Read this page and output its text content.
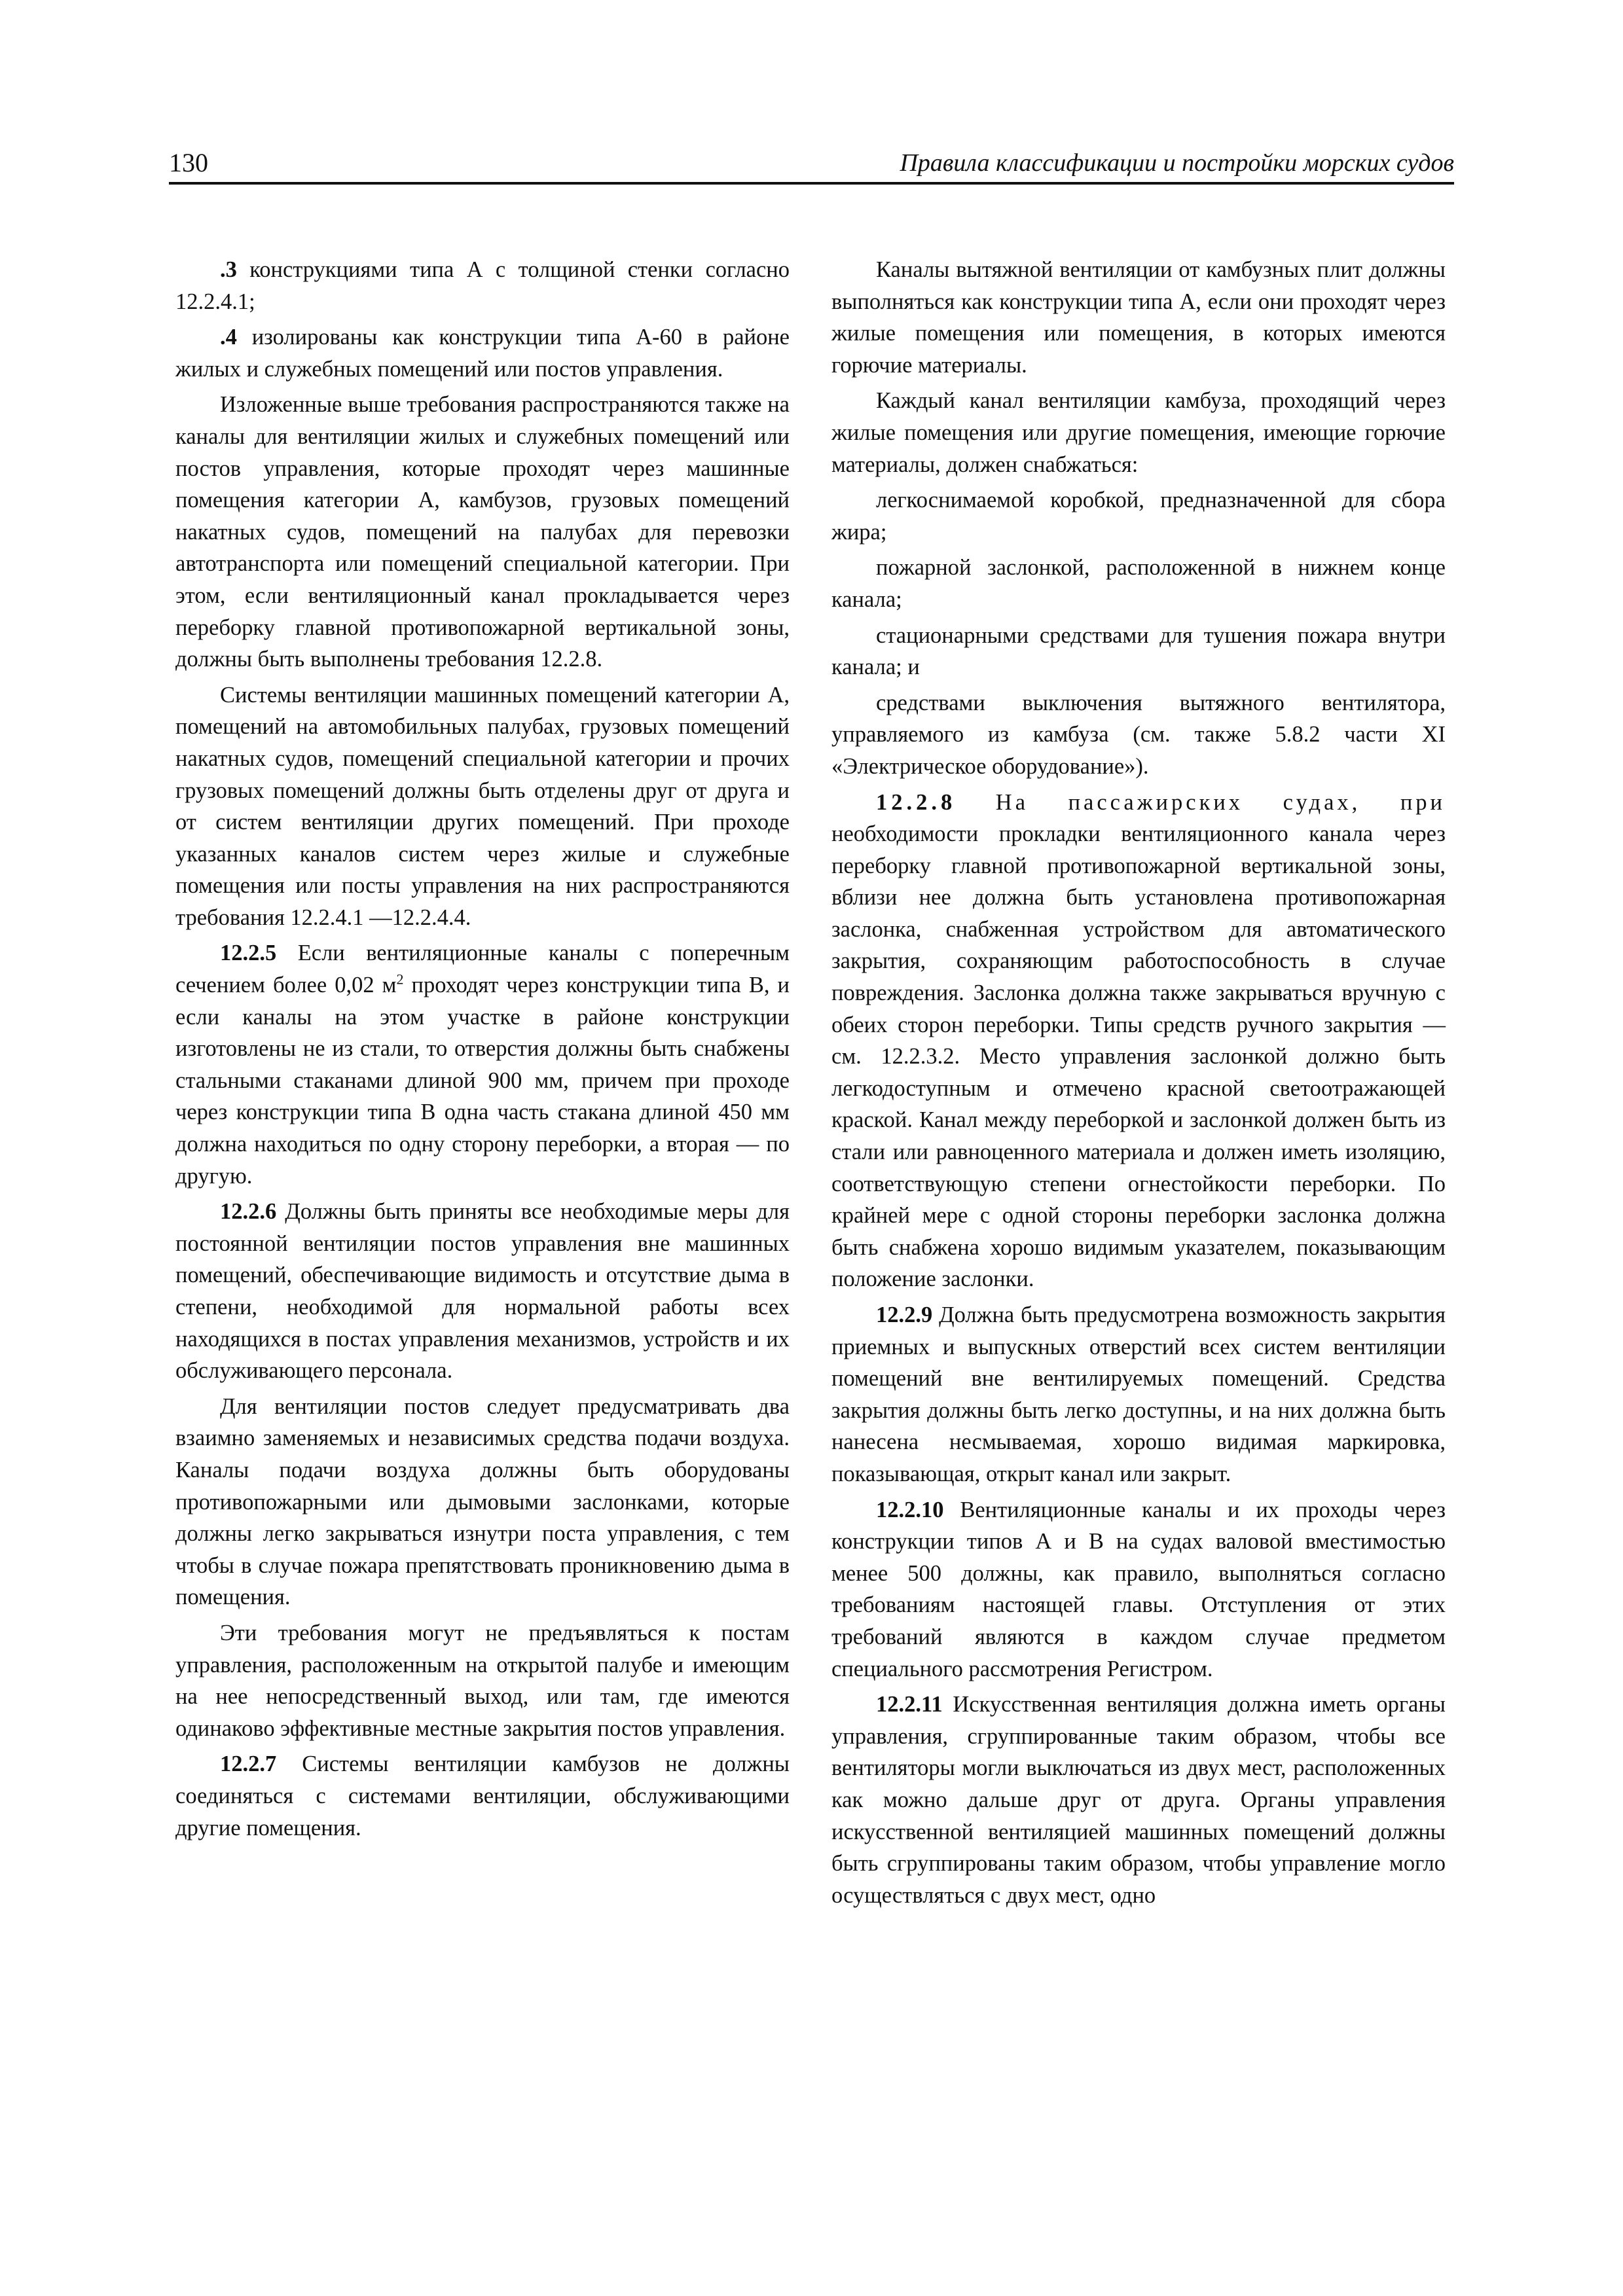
130	Правила классификации и постройки морских судов

.3 конструкциями типа А с толщиной стенки согласно 12.2.4.1;

.4 изолированы как конструкции типа А-60 в районе жилых и служебных помещений или постов управления.

Изложенные выше требования распространяются также на каналы для вентиляции жилых и служебных помещений или постов управления, которые проходят через машинные помещения категории А, камбузов, грузовых помещений накатных судов, помещений на палубах для перевозки автотранспорта или помещений специальной категории. При этом, если вентиляционный канал прокладывается через переборку главной противопожарной вертикальной зоны, должны быть выполнены требования 12.2.8.

Системы вентиляции машинных помещений категории А, помещений на автомобильных палубах, грузовых помещений накатных судов, помещений специальной категории и прочих грузовых помещений должны быть отделены друг от друга и от систем вентиляции других помещений. При проходе указанных каналов систем через жилые и служебные помещения или посты управления на них распространяются требования 12.2.4.1 —12.2.4.4.

12.2.5 Если вентиляционные каналы с поперечным сечением более 0,02 $м^2$ проходят через конструкции типа В, и если каналы на этом участке в районе конструкции изготовлены не из стали, то отверстия должны быть снабжены стальными стаканами длиной 900 мм, причем при проходе через конструкции типа В одна часть стакана длиной 450 мм должна находиться по одну сторону переборки, а вторая — по другую.

12.2.6 Должны быть приняты все необходимые меры для постоянной вентиляции постов управления вне машинных помещений, обеспечивающие видимость и отсутствие дыма в степени, необходимой для нормальной работы всех находящихся в постах управления механизмов, устройств и их обслуживающего персонала.

Для вентиляции постов следует предусматривать два взаимно заменяемых и независимых средства подачи воздуха. Каналы подачи воздуха должны быть оборудованы противопожарными или дымовыми заслонками, которые должны легко закрываться изнутри поста управления, с тем чтобы в случае пожара препятствовать проникновению дыма в помещения.

Эти требования могут не предъявляться к постам управления, расположенным на открытой палубе и имеющим на нее непосредственный выход, или там, где имеются одинаково эффективные местные закрытия постов управления.

12.2.7 Системы вентиляции камбузов не должны соединяться с системами вентиляции, обслуживающими другие помещения.

Каналы вытяжной вентиляции от камбузных плит должны выполняться как конструкции типа А, если они проходят через жилые помещения или помещения, в которых имеются горючие материалы.

Каждый канал вентиляции камбуза, проходящий через жилые помещения или другие помещения, имеющие горючие материалы, должен снабжаться:

легкоснимаемой коробкой, предназначенной для сбора жира;

пожарной заслонкой, расположенной в нижнем конце канала;

стационарными средствами для тушения пожара внутри канала; и

средствами выключения вытяжного вентилятора, управляемого из камбуза (см. также 5.8.2 части XI «Электрическое оборудование»).

12.2.8 На пассажирских судах, при необходимости прокладки вентиляционного канала через переборку главной противопожарной вертикальной зоны, вблизи нее должна быть установлена противопожарная заслонка, снабженная устройством для автоматического закрытия, сохраняющим работоспособность в случае повреждения. Заслонка должна также закрываться вручную с обеих сторон переборки. Типы средств ручного закрытия — см. 12.2.3.2. Место управления заслонкой должно быть легкодоступным и отмечено красной светоотражающей краской. Канал между переборкой и заслонкой должен быть из стали или равноценного материала и должен иметь изоляцию, соответствующую степени огнестойкости переборки. По крайней мере с одной стороны переборки заслонка должна быть снабжена хорошо видимым указателем, показывающим положение заслонки.

12.2.9 Должна быть предусмотрена возможность закрытия приемных и выпускных отверстий всех систем вентиляции помещений вне вентилируемых помещений. Средства закрытия должны быть легко доступны, и на них должна быть нанесена несмываемая, хорошо видимая маркировка, показывающая, открыт канал или закрыт.

12.2.10 Вентиляционные каналы и их проходы через конструкции типов А и В на судах валовой вместимостью менее 500 должны, как правило, выполняться согласно требованиям настоящей главы. Отступления от этих требований являются в каждом случае предметом специального рассмотрения Регистром.

12.2.11 Искусственная вентиляция должна иметь органы управления, сгруппированные таким образом, чтобы все вентиляторы могли выключаться из двух мест, расположенных как можно дальше друг от друга. Органы управления искусственной вентиляцией машинных помещений должны быть сгруппированы таким образом, чтобы управление могло осуществляться с двух мест, одно
